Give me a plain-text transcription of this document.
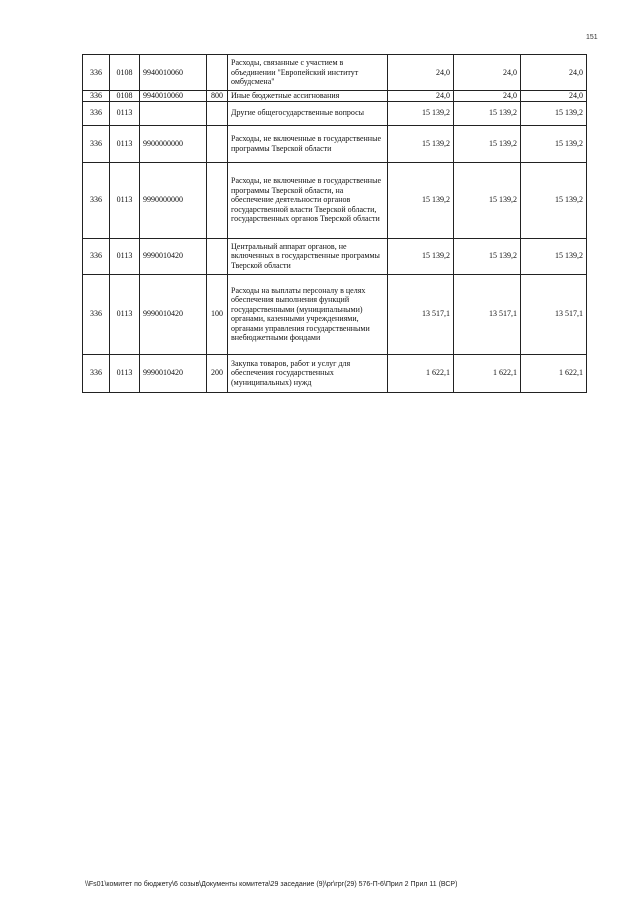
151
336	0108	9940010060		Расходы, связанные с участием в объединении "Европейский институт омбудсмена"	24,0	24,0	24,0
336	0108	9940010060	800	Иные бюджетные ассигнования	24,0	24,0	24,0
336	0113			Другие общегосударственные вопросы	15 139,2	15 139,2	15 139,2
336	0113	9900000000		Расходы, не включенные в государственные программы Тверской области	15 139,2	15 139,2	15 139,2
336	0113	9990000000		Расходы, не включенные в государственные программы Тверской области, на обеспечение деятельности органов государственной власти Тверской области, государственных органов Тверской области	15 139,2	15 139,2	15 139,2
336	0113	9990010420		Центральный аппарат органов, не включенных в государственные программы Тверской области	15 139,2	15 139,2	15 139,2
336	0113	9990010420	100	Расходы на выплаты персоналу в целях обеспечения выполнения функций государственными (муниципальными) органами, казенными учреждениями, органами управления государственными внебюджетными фондами	13 517,1	13 517,1	13 517,1
336	0113	9990010420	200	Закупка товаров, работ и услуг для обеспечения государственных (муниципальных) нужд	1 622,1	1 622,1	1 622,1
\\Fs01\комитет по бюджету\6 созыв\Документы комитета\29 заседание (9)\рг\грг(29) 576-П-6\Прил 2 Прил 11 (ВСР)
